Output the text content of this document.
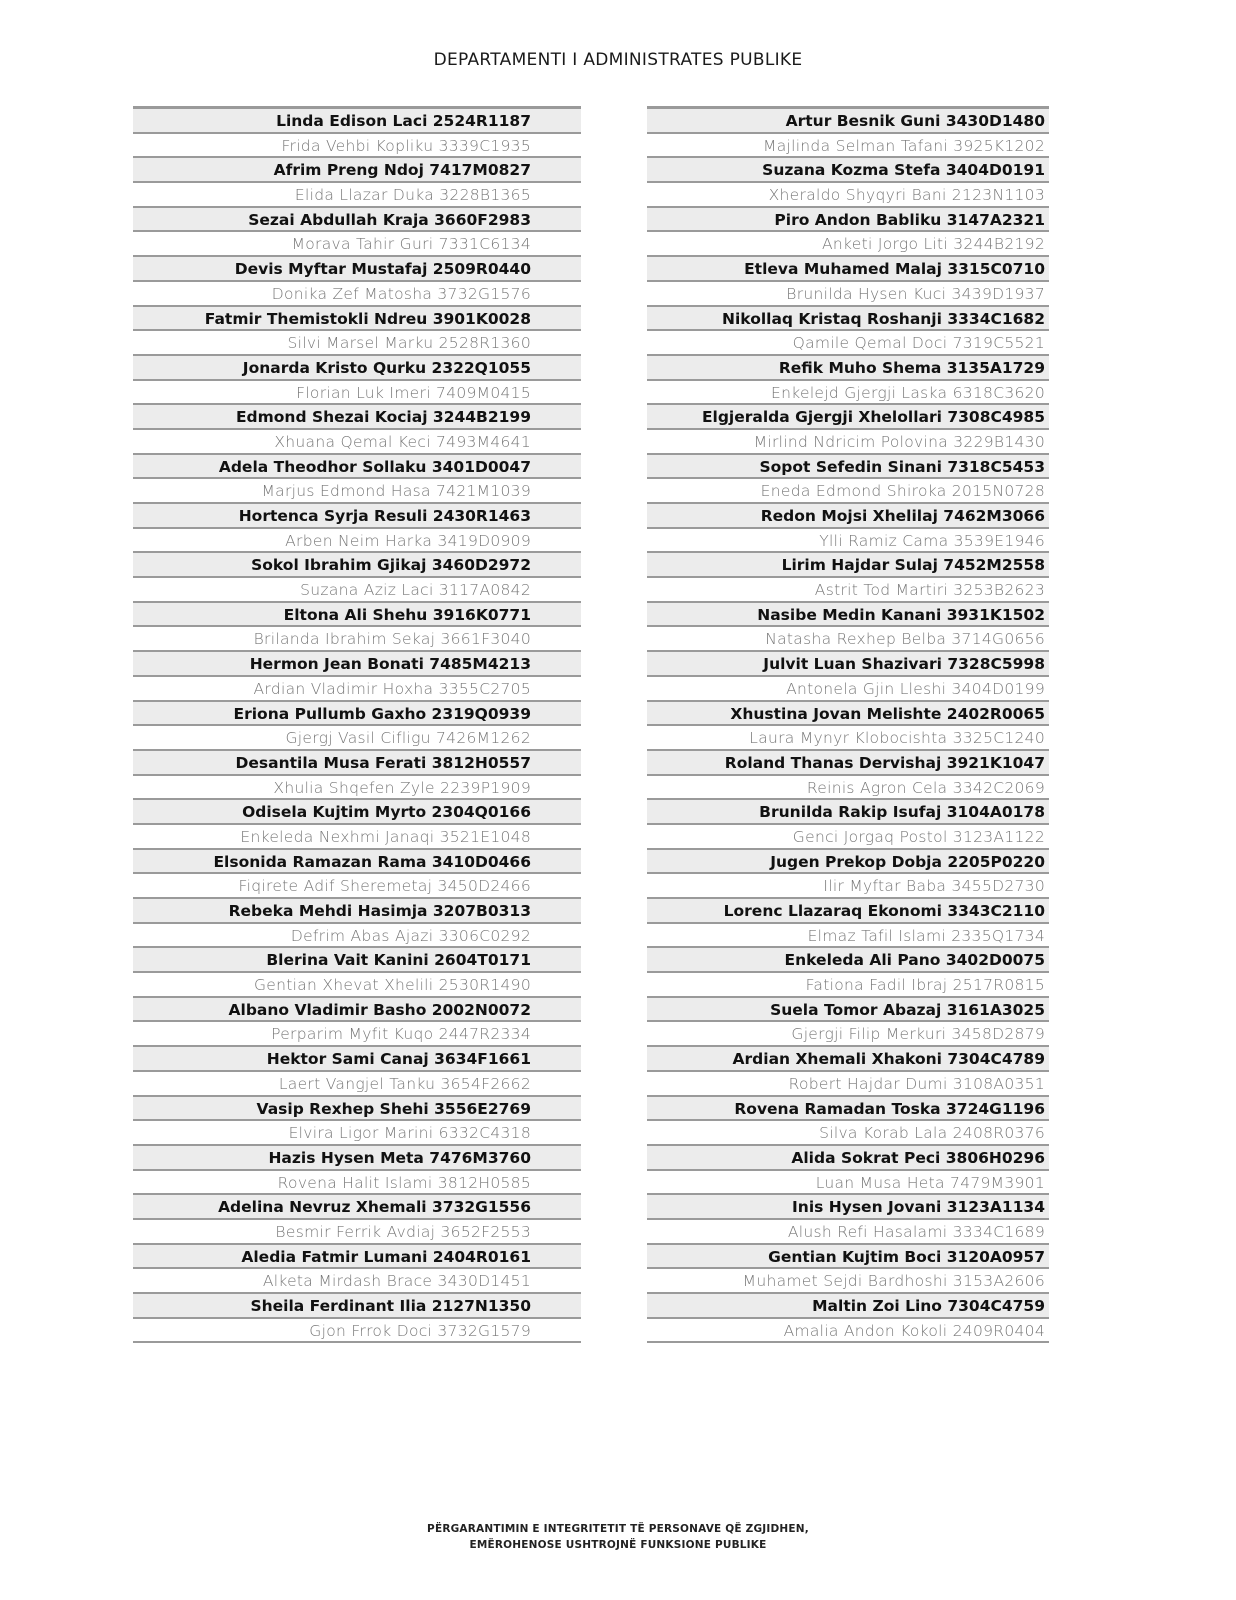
DEPARTAMENTI I ADMINISTRATES PUBLIKE
Linda Edison Laci 2524R1187
Frida Vehbi Kopliku 3339C1935
Afrim Preng Ndoj 7417M0827
Elida Llazar Duka 3228B1365
Sezai Abdullah Kraja 3660F2983
Morava Tahir Guri 7331C6134
Devis Myftar Mustafaj 2509R0440
Donika Zef Matosha 3732G1576
Fatmir Themistokli Ndreu 3901K0028
Silvi Marsel Marku 2528R1360
Jonarda Kristo Qurku 2322Q1055
Florian Luk Imeri 7409M0415
Edmond Shezai Kociaj 3244B2199
Xhuana Qemal Keci 7493M4641
Adela Theodhor Sollaku 3401D0047
Marjus Edmond Hasa 7421M1039
Hortenca Syrja Resuli 2430R1463
Arben Neim Harka 3419D0909
Sokol Ibrahim Gjikaj 3460D2972
Suzana Aziz Laci 3117A0842
Eltona Ali Shehu 3916K0771
Brilanda Ibrahim Sekaj 3661F3040
Hermon Jean Bonati 7485M4213
Ardian Vladimir Hoxha 3355C2705
Eriona Pullumb Gaxho 2319Q0939
Gjergj Vasil Cifligu 7426M1262
Desantila Musa Ferati 3812H0557
Xhulia Shqefen Zyle 2239P1909
Odisela Kujtim Myrto 2304Q0166
Enkeleda Nexhmi Janaqi 3521E1048
Elsonida Ramazan Rama 3410D0466
Fiqirete Adif Sheremetaj 3450D2466
Rebeka Mehdi Hasimja 3207B0313
Defrim Abas Ajazi 3306C0292
Blerina Vait Kanini 2604T0171
Gentian Xhevat Xhelili 2530R1490
Albano Vladimir Basho 2002N0072
Perparim Myfit Kuqo 2447R2334
Hektor Sami Canaj 3634F1661
Laert Vangjel Tanku 3654F2662
Vasip Rexhep Shehi 3556E2769
Elvira Ligor Marini 6332C4318
Hazis Hysen Meta 7476M3760
Rovena Halit Islami 3812H0585
Adelina Nevruz Xhemali 3732G1556
Besmir Ferrik Avdiaj 3652F2553
Aledia Fatmir Lumani 2404R0161
Alketa Mirdash Brace 3430D1451
Sheila Ferdinant Ilia 2127N1350
Gjon Frrok Doci 3732G1579
Artur Besnik Guni 3430D1480
Majlinda Selman Tafani 3925K1202
Suzana Kozma Stefa 3404D0191
Xheraldo Shyqyri Bani 2123N1103
Piro Andon Babliku 3147A2321
Anketi Jorgo Liti 3244B2192
Etleva Muhamed Malaj 3315C0710
Brunilda Hysen Kuci 3439D1937
Nikollaq Kristaq Roshanji 3334C1682
Qamile Qemal Doci 7319C5521
Refik Muho Shema 3135A1729
Enkelejd Gjergji Laska 6318C3620
Elgjeralda Gjergji Xhelollari 7308C4985
Mirlind Ndricim Polovina 3229B1430
Sopot Sefedin Sinani 7318C5453
Eneda Edmond Shiroka 2015N0728
Redon Mojsi Xhelilaj 7462M3066
Ylli Ramiz Cama 3539E1946
Lirim Hajdar Sulaj 7452M2558
Astrit Tod Martiri 3253B2623
Nasibe Medin Kanani 3931K1502
Natasha Rexhep Belba 3714G0656
Julvit Luan Shazivari 7328C5998
Antonela Gjin Lleshi 3404D0199
Xhustina Jovan Melishte 2402R0065
Laura Mynyr Klobocishta 3325C1240
Roland Thanas Dervishaj 3921K1047
Reinis Agron Cela 3342C2069
Brunilda Rakip Isufaj 3104A0178
Genci Jorgaq Postol 3123A1122
Jugen Prekop Dobja 2205P0220
Ilir Myftar Baba 3455D2730
Lorenc Llazaraq Ekonomi 3343C2110
Elmaz Tafil Islami 2335Q1734
Enkeleda Ali Pano 3402D0075
Fationa Fadil Ibraj 2517R0815
Suela Tomor Abazaj 3161A3025
Gjergji Filip Merkuri 3458D2879
Ardian Xhemali Xhakoni 7304C4789
Robert Hajdar Dumi 3108A0351
Rovena Ramadan Toska 3724G1196
Silva Korab Lala 2408R0376
Alida Sokrat Peci 3806H0296
Luan Musa Heta 7479M3901
Inis Hysen Jovani 3123A1134
Alush Refi Hasalami 3334C1689
Gentian Kujtim Boci 3120A0957
Muhamet Sejdi Bardhoshi 3153A2606
Maltin Zoi Lino 7304C4759
Amalia Andon Kokoli 2409R0404
PËRGARANTIMIN E INTEGRITETIT TË PERSONAVE QË ZGJIDHEN,
EMËROHENOSE USHTROJNË FUNKSIONE PUBLIKE
